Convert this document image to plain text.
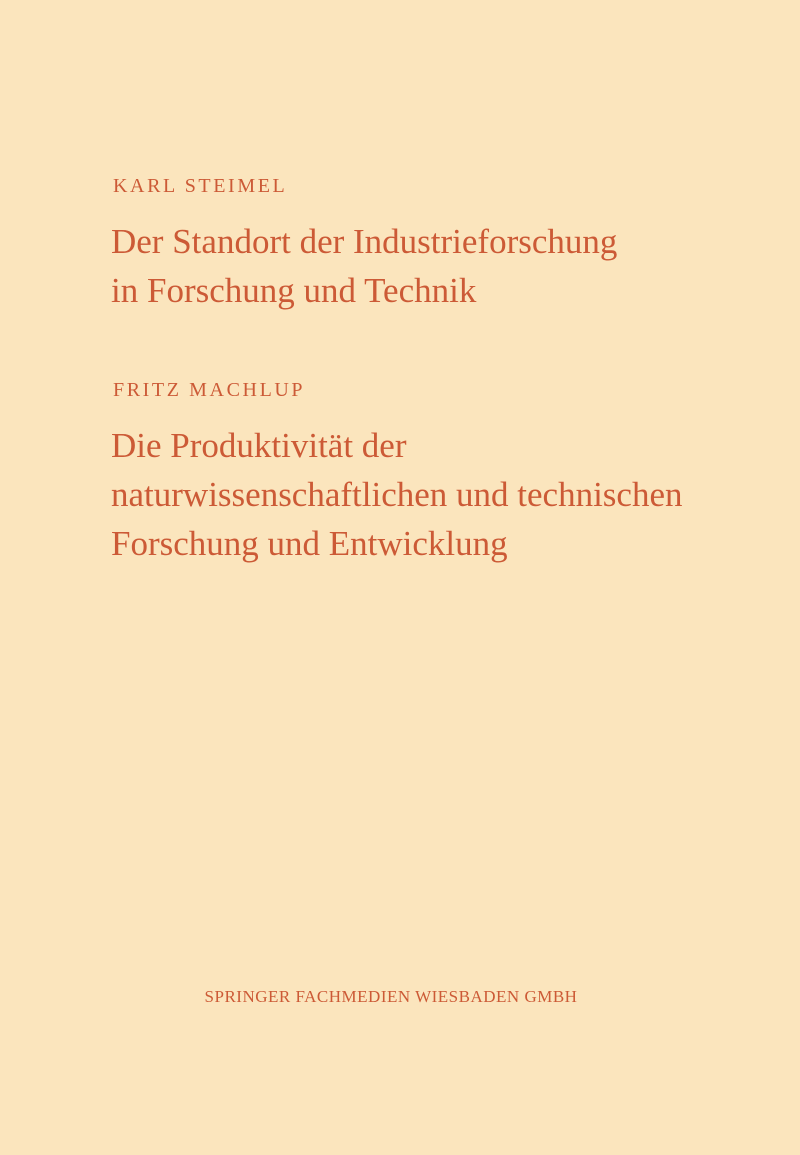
KARL STEIMEL
Der Standort der Industrieforschung
in Forschung und Technik
FRITZ MACHLUP
Die Produktivität der
naturwissenschaftlichen und technischen
Forschung und Entwicklung
SPRINGER FACHMEDIEN WIESBADEN GMBH
